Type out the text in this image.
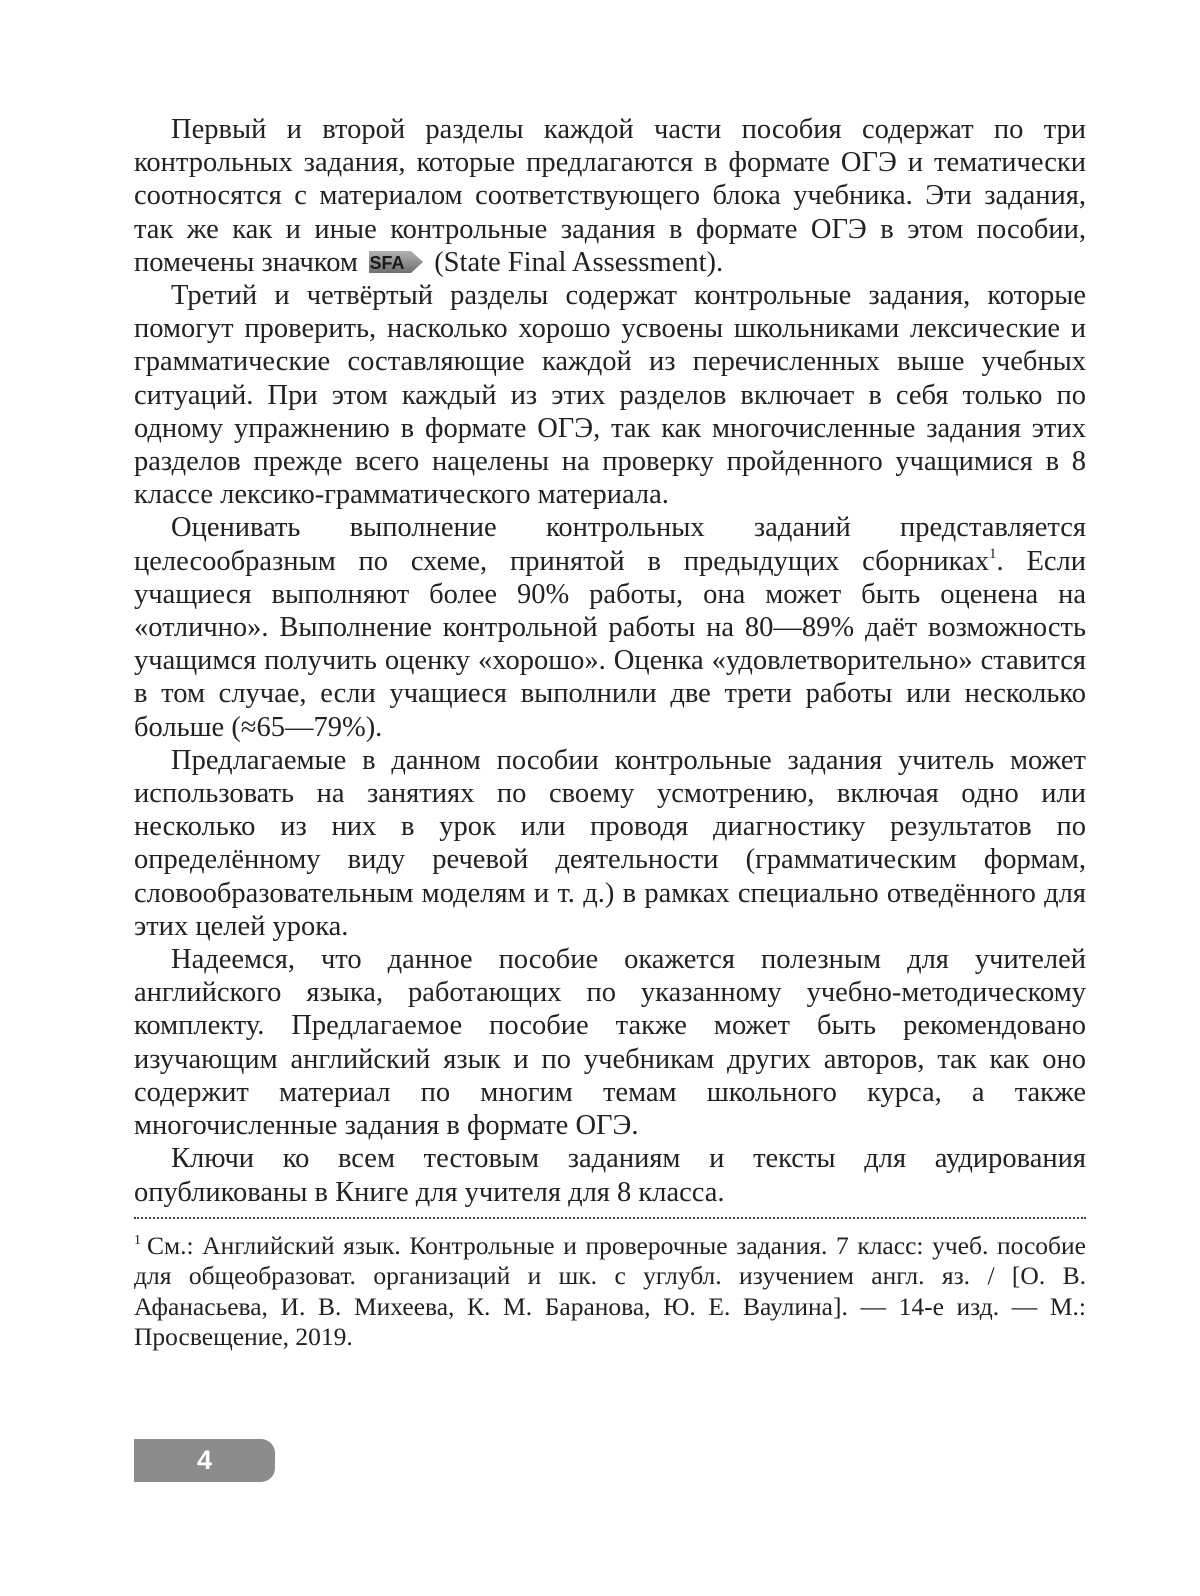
Первый и второй разделы каждой части пособия содержат по три контрольных задания, которые предлагаются в формате ОГЭ и тематически соотносятся с материалом соответствующего блока учебника. Эти задания, так же как и иные контрольные задания в формате ОГЭ в этом пособии, помечены значком SFA (State Final Assessment).

Третий и четвёртый разделы содержат контрольные задания, которые помогут проверить, насколько хорошо усвоены школьниками лексические и грамматические составляющие каждой из перечисленных выше учебных ситуаций. При этом каждый из этих разделов включает в себя только по одному упражнению в формате ОГЭ, так как многочисленные задания этих разделов прежде всего нацелены на проверку пройденного учащимися в 8 классе лексико-грамматического материала.

Оценивать выполнение контрольных заданий представляется целесообразным по схеме, принятой в предыдущих сборниках$^1$. Если учащиеся выполняют более 90% работы, она может быть оценена на «отлично». Выполнение контрольной работы на 80—89% даёт возможность учащимся получить оценку «хорошо». Оценка «удовлетворительно» ставится в том случае, если учащиеся выполнили две трети работы или несколько больше (≈65—79%).

Предлагаемые в данном пособии контрольные задания учитель может использовать на занятиях по своему усмотрению, включая одно или несколько из них в урок или проводя диагностику результатов по определённому виду речевой деятельности (грамматическим формам, словообразовательным моделям и т. д.) в рамках специально отведённого для этих целей урока.

Надеемся, что данное пособие окажется полезным для учителей английского языка, работающих по указанному учебно-методическому комплекту. Предлагаемое пособие также может быть рекомендовано изучающим английский язык и по учебникам других авторов, так как оно содержит материал по многим темам школьного курса, а также многочисленные задания в формате ОГЭ.

Ключи ко всем тестовым заданиям и тексты для аудирования опубликованы в Книге для учителя для 8 класса.

$^1$ См.: Английский язык. Контрольные и проверочные задания. 7 класс: учеб. пособие для общеобразоват. организаций и шк. с углубл. изучением англ. яз. / [О. В. Афанасьева, И. В. Михеева, К. М. Баранова, Ю. Е. Ваулина]. — 14-е изд. — М.: Просвещение, 2019.

4
